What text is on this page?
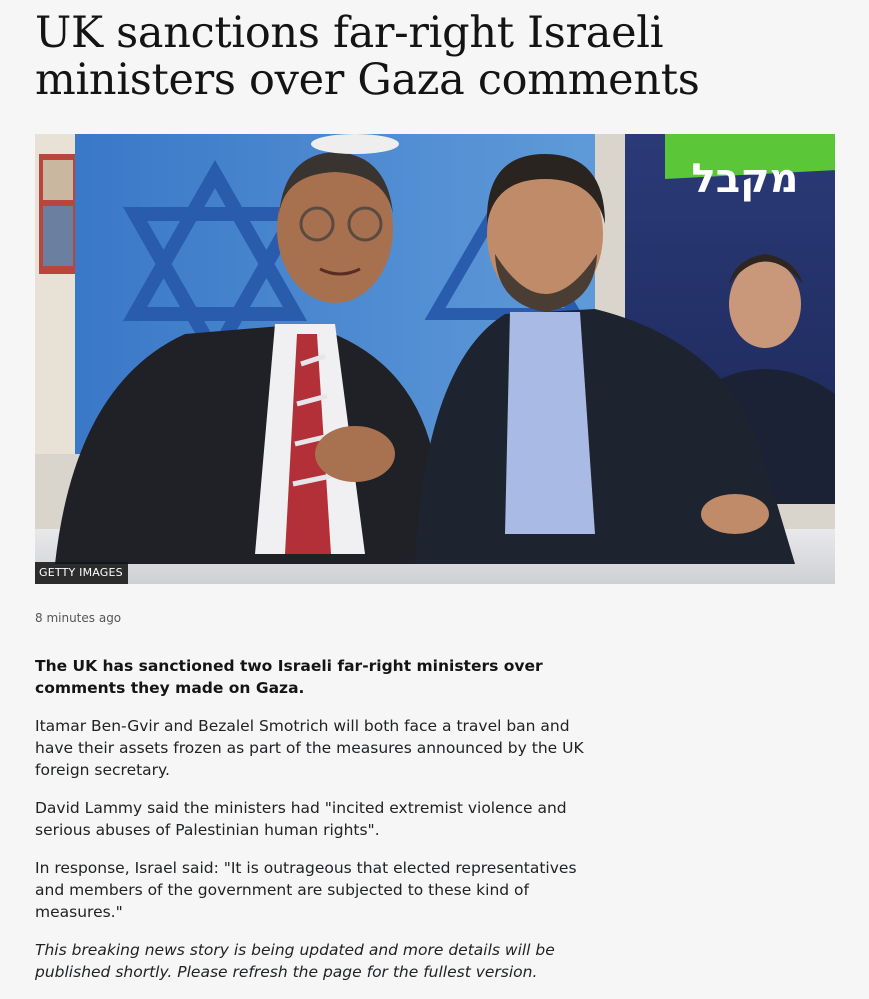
UK sanctions far-right Israeli ministers over Gaza comments
מקבל
GETTY IMAGES

8 minutes ago

The UK has sanctioned two Israeli far-right ministers over comments they made on Gaza.

Itamar Ben-Gvir and Bezalel Smotrich will both face a travel ban and have their assets frozen as part of the measures announced by the UK foreign secretary.

David Lammy said the ministers had "incited extremist violence and serious abuses of Palestinian human rights".

In response, Israel said: "It is outrageous that elected representatives and members of the government are subjected to these kind of measures."

This breaking news story is being updated and more details will be published shortly. Please refresh the page for the fullest version.
